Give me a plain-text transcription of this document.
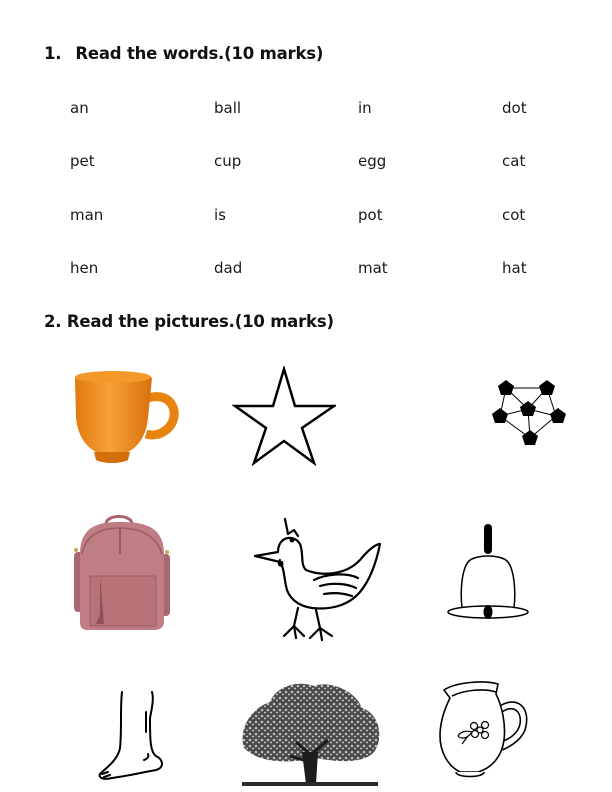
1. Read the words.(10 marks)
an	ball	in	dot
pet	cup	egg	cat
man	is	pot	cot
hen	dad	mat	hat
2. Read the pictures.(10 marks)
